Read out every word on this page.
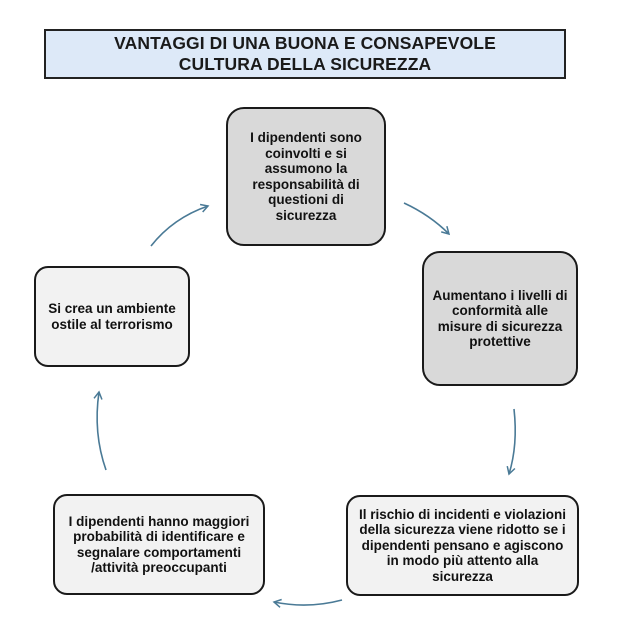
VANTAGGI DI UNA BUONA E CONSAPEVOLE
CULTURA DELLA SICUREZZA
I dipendenti sono coinvolti e si assumono la responsabilità di questioni di sicurezza
Aumentano i livelli di conformità alle misure di sicurezza protettive
Il rischio di incidenti e violazioni della sicurezza viene ridotto se i dipendenti pensano e agiscono in modo più attento alla sicurezza
I dipendenti hanno maggiori probabilità di identificare e segnalare comportamenti /attività preoccupanti
Si crea un ambiente ostile al terrorismo
